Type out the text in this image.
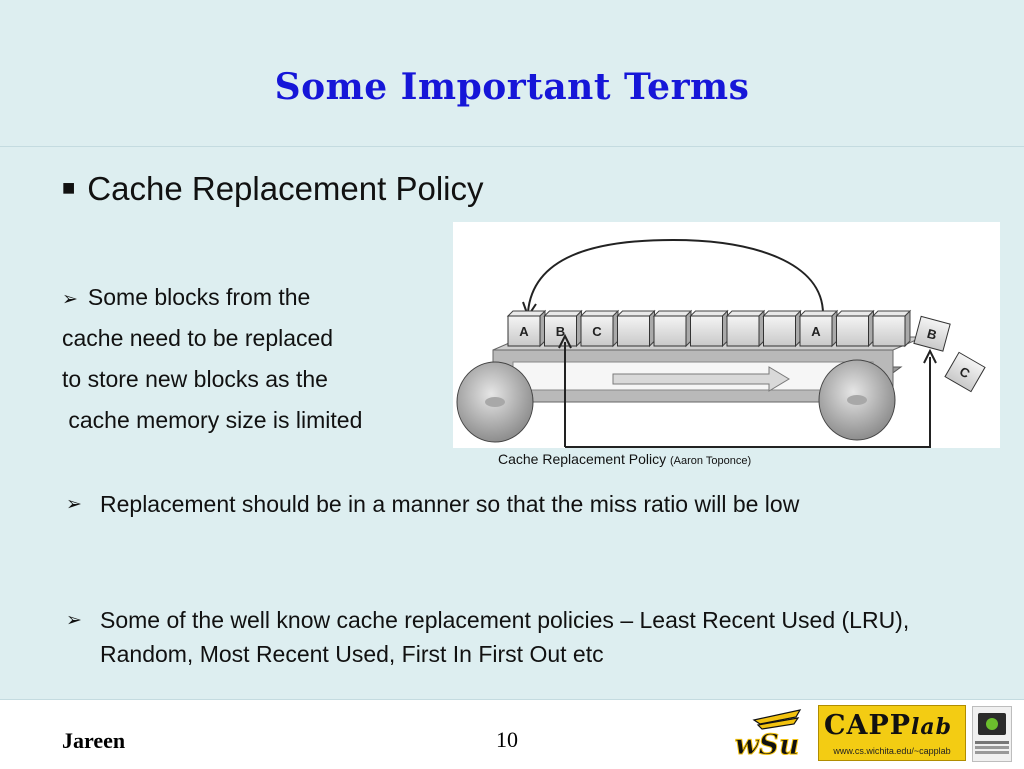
Some Important Terms
■ Cache Replacement Policy
➢ Some blocks from the
cache need to be replaced
to store new blocks as the
cache memory size is limited
A B C	A	B
C
Cache Replacement Policy (Aaron Toponce)
➢ Replacement should be in a manner so that the miss ratio will be low
➢ Some of the well know cache replacement policies – Least Recent Used (LRU), Random, Most Recent Used, First In First Out etc
Jareen	10	wSu
CAPPlab
www.cs.wichita.edu/~capplab
